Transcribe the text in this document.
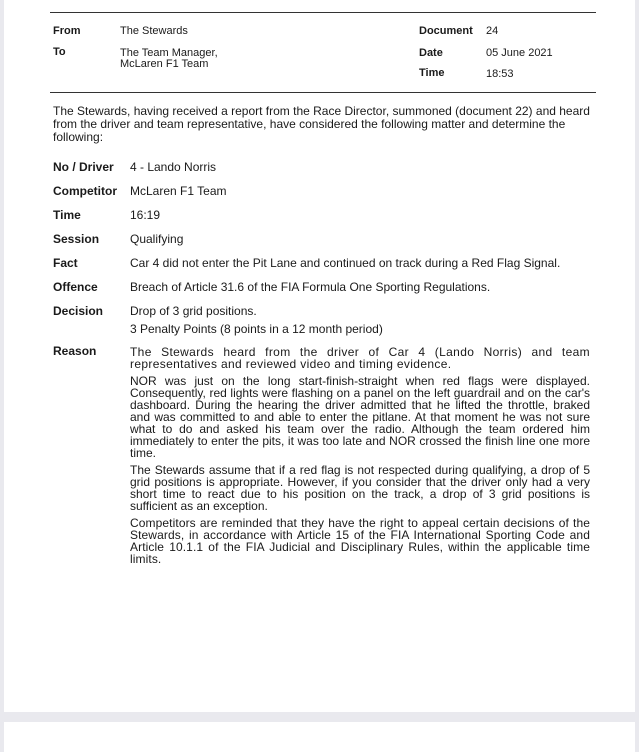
From	The Stewards
To	The Team Manager,
McLaren F1 Team
Document 24
Date	05 June 2021
Time	18:53
The Stewards, having received a report from the Race Director, summoned (document 22) and heard from the driver and team representative, have considered the following matter and determine the following:
No / Driver	4 - Lando Norris
Competitor	McLaren F1 Team
Time	16:19
Session	Qualifying
Fact	Car 4 did not enter the Pit Lane and continued on track during a Red Flag Signal.
Offence	Breach of Article 31.6 of the FIA Formula One Sporting Regulations.
Decision	Drop of 3 grid positions.
3 Penalty Points (8 points in a 12 month period)
Reason	The Stewards heard from the driver of Car 4 (Lando Norris) and team representatives and reviewed video and timing evidence.

NOR was just on the long start-finish-straight when red flags were displayed. Consequently, red lights were flashing on a panel on the left guardrail and on the car's dashboard. During the hearing the driver admitted that he lifted the throttle, braked and was committed to and able to enter the pitlane. At that moment he was not sure what to do and asked his team over the radio. Although the team ordered him immediately to enter the pits, it was too late and NOR crossed the finish line one more time.

The Stewards assume that if a red flag is not respected during qualifying, a drop of 5 grid positions is appropriate. However, if you consider that the driver only had a very short time to react due to his position on the track, a drop of 3 grid positions is sufficient as an exception.

Competitors are reminded that they have the right to appeal certain decisions of the Stewards, in accordance with Article 15 of the FIA International Sporting Code and Article 10.1.1 of the FIA Judicial and Disciplinary Rules, within the applicable time limits.
